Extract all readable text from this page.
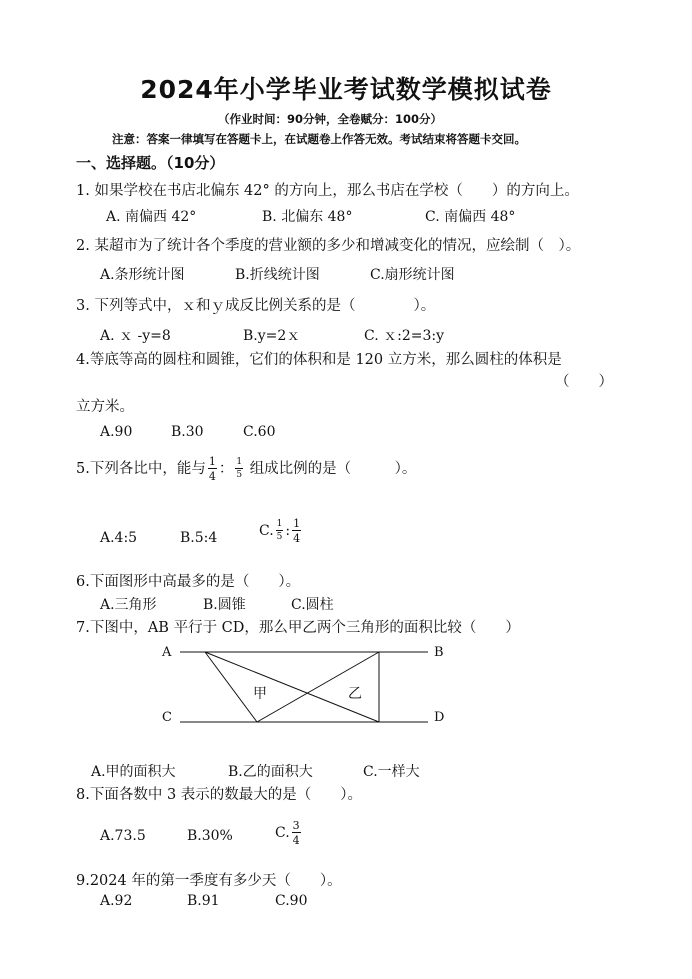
2024年小学毕业考试数学模拟试卷
（作业时间：90分钟，全卷赋分：100分）
注意：答案一律填写在答题卡上，在试题卷上作答无效。考试结束将答题卡交回。
一、选择题。（10分）
1. 如果学校在书店北偏东 42° 的方向上，那么书店在学校（　　）的方向上。
A. 南偏西 42°	B. 北偏东 48°	C. 南偏西 48°
2. 某超市为了统计各个季度的营业额的多少和增减变化的情况，应绘制（　）。
A.条形统计图	B.折线统计图	C.扇形统计图
3. 下列等式中，ｘ和ｙ成反比例关系的是（　　　　）。
A. ｘ -y=8	B.y=2ｘ	C. ｘ:2=3:y
4.等底等高的圆柱和圆锥，它们的体积和是 120 立方米，那么圆柱的体积是
（　　）
立方米。
A.90	B.30	C.60
5.下列各比中，能与 $\frac{1}{4}$ ： $\frac{1}{5}$ 组成比例的是（　　　）。
A.4:5	B.5:4	C. $\frac{1}{5}$ : $\frac{1}{4}$
6.下面图形中高最多的是（　　）。
A.三角形	B.圆锥	C.圆柱
7.下图中，AB 平行于 CD，那么甲乙两个三角形的面积比较（　　）
A	B
C	D
甲	乙
A.甲的面积大	B.乙的面积大	C.一样大
8.下面各数中 3 表示的数最大的是（　　）。
A.73.5	B.30%	C. $\frac{3}{4}$
9.2024 年的第一季度有多少天（　　）。
A.92	B.91	C.90
